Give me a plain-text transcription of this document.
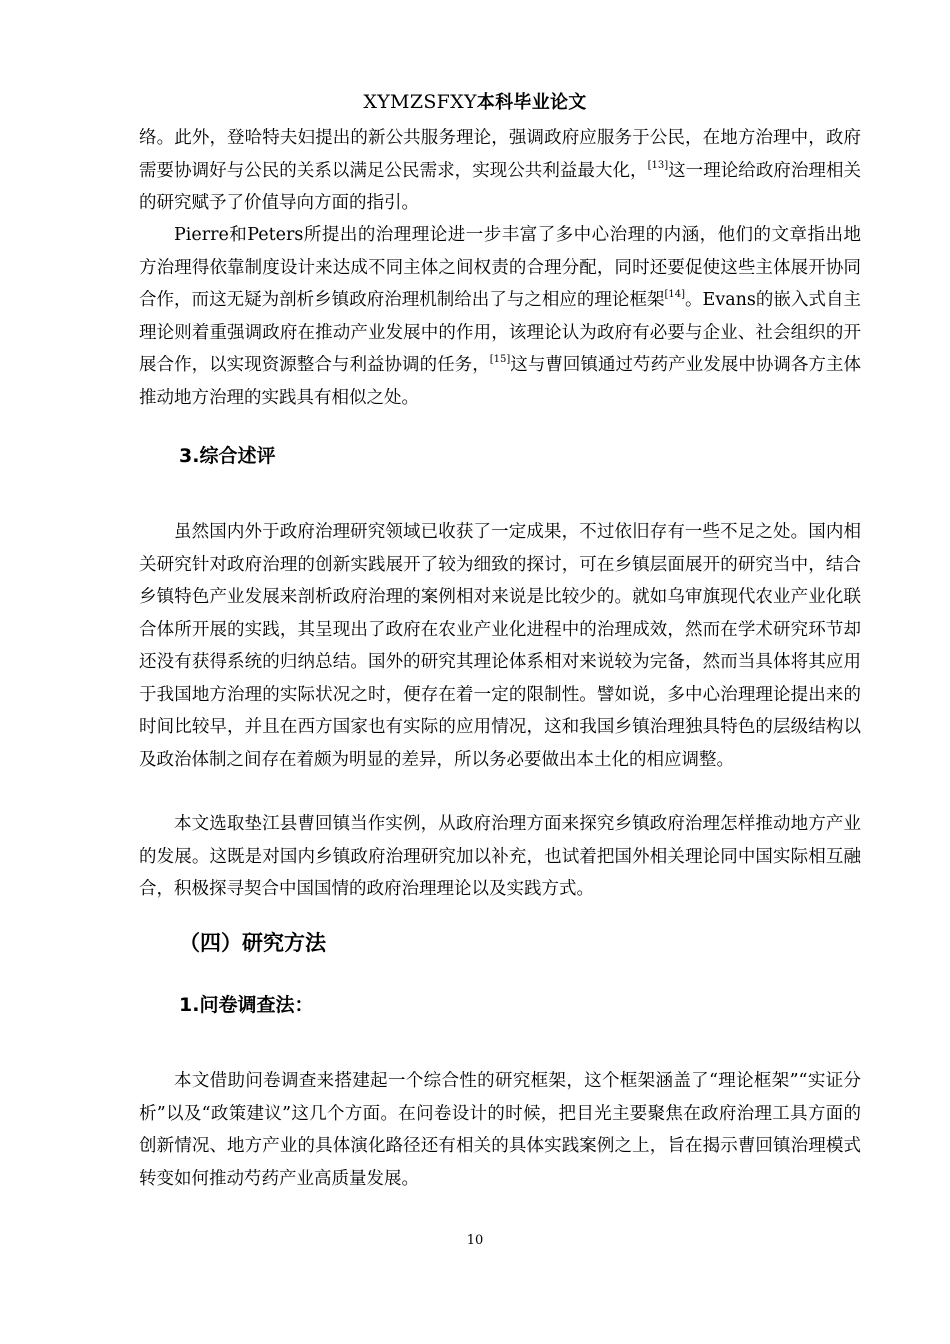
XYMZSFXY本科毕业论文

络。此外，登哈特夫妇提出的新公共服务理论，强调政府应服务于公民，在地方治理中，政府需要协调好与公民的关系以满足公民需求，实现公共利益最大化，[13]这一理论给政府治理相关的研究赋予了价值导向方面的指引。

Pierre和Peters所提出的治理理论进一步丰富了多中心治理的内涵，他们的文章指出地方治理得依靠制度设计来达成不同主体之间权责的合理分配，同时还要促使这些主体展开协同合作，而这无疑为剖析乡镇政府治理机制给出了与之相应的理论框架[14]。Evans的嵌入式自主理论则着重强调政府在推动产业发展中的作用，该理论认为政府有必要与企业、社会组织的开展合作，以实现资源整合与利益协调的任务，[15]这与曹回镇通过芍药产业发展中协调各方主体推动地方治理的实践具有相似之处。

3.综合述评

虽然国内外于政府治理研究领域已收获了一定成果，不过依旧存有一些不足之处。国内相关研究针对政府治理的创新实践展开了较为细致的探讨，可在乡镇层面展开的研究当中，结合乡镇特色产业发展来剖析政府治理的案例相对来说是比较少的。就如乌审旗现代农业产业化联合体所开展的实践，其呈现出了政府在农业产业化进程中的治理成效，然而在学术研究环节却还没有获得系统的归纳总结。国外的研究其理论体系相对来说较为完备，然而当具体将其应用于我国地方治理的实际状况之时，便存在着一定的限制性。譬如说，多中心治理理论提出来的时间比较早，并且在西方国家也有实际的应用情况，这和我国乡镇治理独具特色的层级结构以及政治体制之间存在着颇为明显的差异，所以务必要做出本土化的相应调整。

本文选取垫江县曹回镇当作实例，从政府治理方面来探究乡镇政府治理怎样推动地方产业的发展。这既是对国内乡镇政府治理研究加以补充，也试着把国外相关理论同中国实际相互融合，积极探寻契合中国国情的政府治理理论以及实践方式。

（四）研究方法
1.问卷调查法：

本文借助问卷调查来搭建起一个综合性的研究框架，这个框架涵盖了“理论框架”“实证分析”以及“政策建议”这几个方面。在问卷设计的时候，把目光主要聚焦在政府治理工具方面的创新情况、地方产业的具体演化路径还有相关的具体实践案例之上，旨在揭示曹回镇治理模式转变如何推动芍药产业高质量发展。

10
